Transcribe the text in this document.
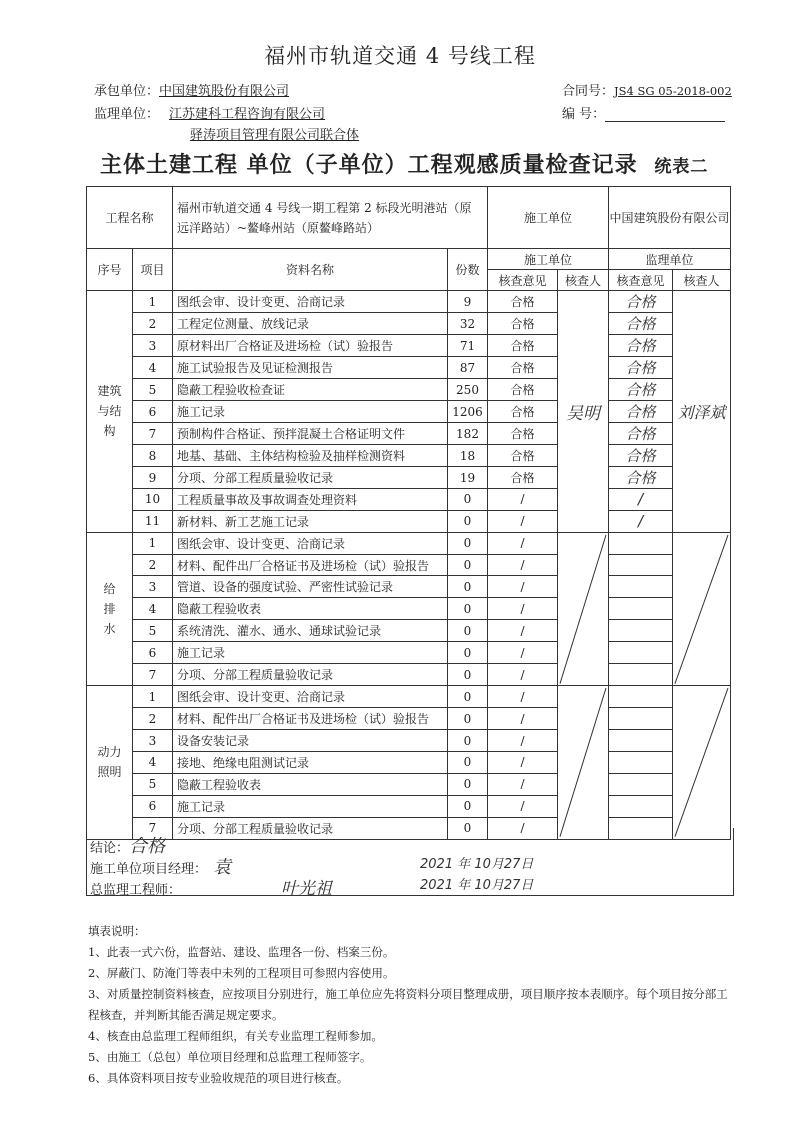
福州市轨道交通 4 号线工程
承包单位：中国建筑股份有限公司
监理单位： 江苏建科工程咨询有限公司
驿涛项目管理有限公司联合体
合同号：JS4 SG 05-2018-002
编 号：
主体土建工程 单位（子单位）工程观感质量检查记录 统表二
工程名称		福州市轨道交通 4 号线一期工程第 2 标段光明港站（原远洋路站）~鳌峰州站（原鳌峰路站）		施工单位		中国建筑股份有限公司	
序号	项目	资料名称	份数	施工单位		监理单位	
				核查意见	核查人	核查意见	核查人

建筑
与结
构	1	图纸会审、设计变更、洽商记录	9	合格	吴明	合格	刘泽斌
	2	工程定位测量、放线记录	32	合格		合格	
	3	原材料出厂合格证及进场检（试）验报告	71	合格		合格	
	4	施工试验报告及见证检测报告	87	合格		合格	
	5	隐蔽工程验收检查证	250	合格		合格	
	6	施工记录	1206	合格		合格	
	7	预制构件合格证、预拌混凝土合格证明文件	182	合格		合格	
	8	地基、基础、主体结构检验及抽样检测资料	18	合格		合格	
	9	分项、分部工程质量验收记录	19	合格		合格	
	10	工程质量事故及事故调查处理资料	0	/		/	
	11	新材料、新工艺施工记录	0	/		/	

给
排
水	1	图纸会审、设计变更、洽商记录	0	/	

	2	材料、配件出厂合格证书及进场检（试）验报告	0	/			
	3	管道、设备的强度试验、严密性试验记录	0	/			
	4	隐蔽工程验收表	0	/			
	5	系统清洗、灌水、通水、通球试验记录	0	/			
	6	施工记录	0	/			
	7	分项、分部工程质量验收记录	0	/			

动力
照明	1	图纸会审、设计变更、洽商记录	0	/	

	2	材料、配件出厂合格证书及进场检（试）验报告	0	/			
	3	设备安装记录	0	/			
	4	接地、绝缘电阻测试记录	0	/			
	5	隐蔽工程验收表	0	/			
	6	施工记录	0	/			
	7	分项、分部工程质量验收记录	0	/			
结论：合格
施工单位项目经理： 袁	2021 年 10月27日
总监理工程师：	叶光祖	2021 年 10月27日
填表说明：
1、此表一式六份，监督站、建设、监理各一份、档案三份。
2、屏蔽门、防淹门等表中未列的工程项目可参照内容使用。
3、对质量控制资料核查，应按项目分别进行，施工单位应先将资料分项目整理成册，项目顺序按本表顺序。每个项目按分部工程核查，并判断其能否满足规定要求。
4、核查由总监理工程师组织，有关专业监理工程师参加。
5、由施工（总包）单位项目经理和总监理工程师签字。
6、具体资料项目按专业验收规范的项目进行核查。
